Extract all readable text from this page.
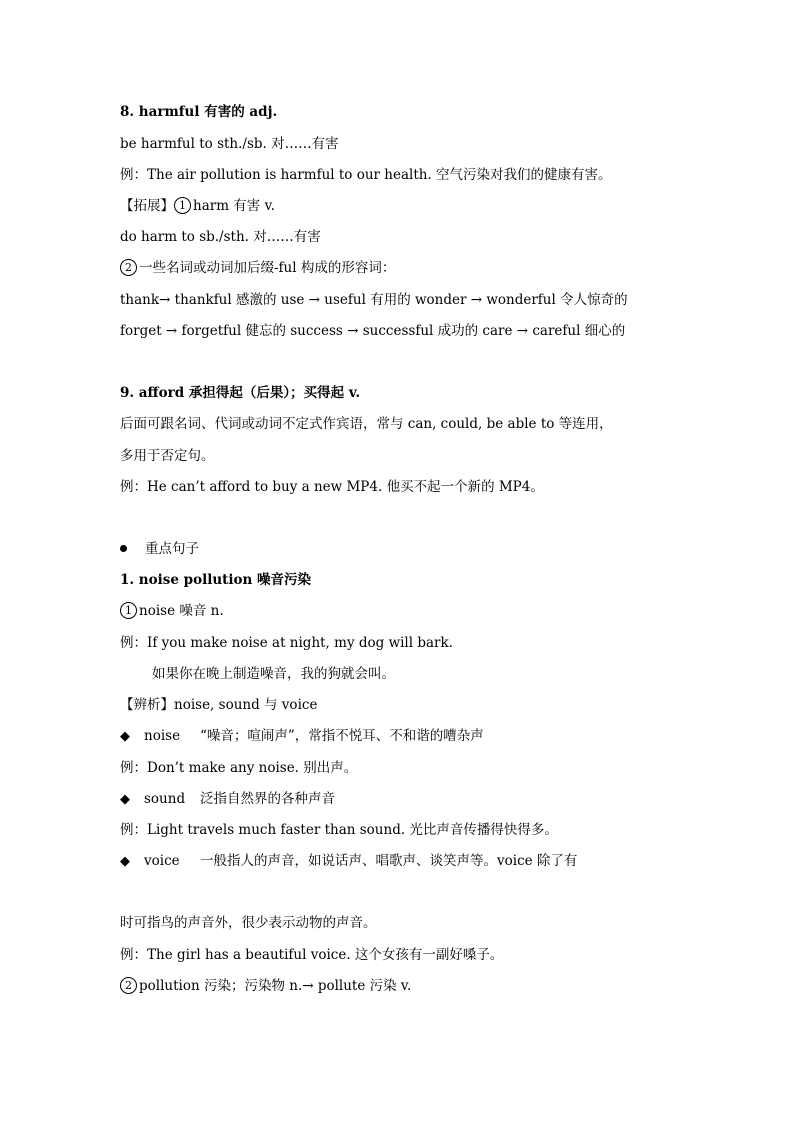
8. harmful 有害的 adj.
be harmful to sth./sb. 对……有害
例：The air pollution is harmful to our health. 空气污染对我们的健康有害。
【拓展】 1 harm 有害 v.
do harm to sb./sth. 对……有害
2 一些名词或动词加后缀-ful 构成的形容词：
thank→ thankful 感激的 use → useful 有用的 wonder → wonderful 令人惊奇的
forget → forgetful 健忘的 success → successful 成功的 care → careful 细心的
9. afford 承担得起（后果）；买得起 v.
后面可跟名词、代词或动词不定式作宾语，常与 can, could, be able to 等连用，
多用于否定句。
例：He can’t afford to buy a new MP4. 他买不起一个新的 MP4。
重点句子
1. noise pollution 噪音污染
1 noise 噪音 n.
例：If you make noise at night, my dog will bark.
如果你在晚上制造噪音，我的狗就会叫。
【辨析】noise, sound 与 voice
◆ noise “噪音；喧闹声”，常指不悦耳、不和谐的嘈杂声
例：Don’t make any noise. 别出声。
◆ sound 泛指自然界的各种声音
例：Light travels much faster than sound. 光比声音传播得快得多。
◆ voice 一般指人的声音，如说话声、唱歌声、谈笑声等。voice 除了有
时可指鸟的声音外，很少表示动物的声音。
例：The girl has a beautiful voice. 这个女孩有一副好嗓子。
2 pollution 污染；污染物 n.→ pollute 污染 v.
